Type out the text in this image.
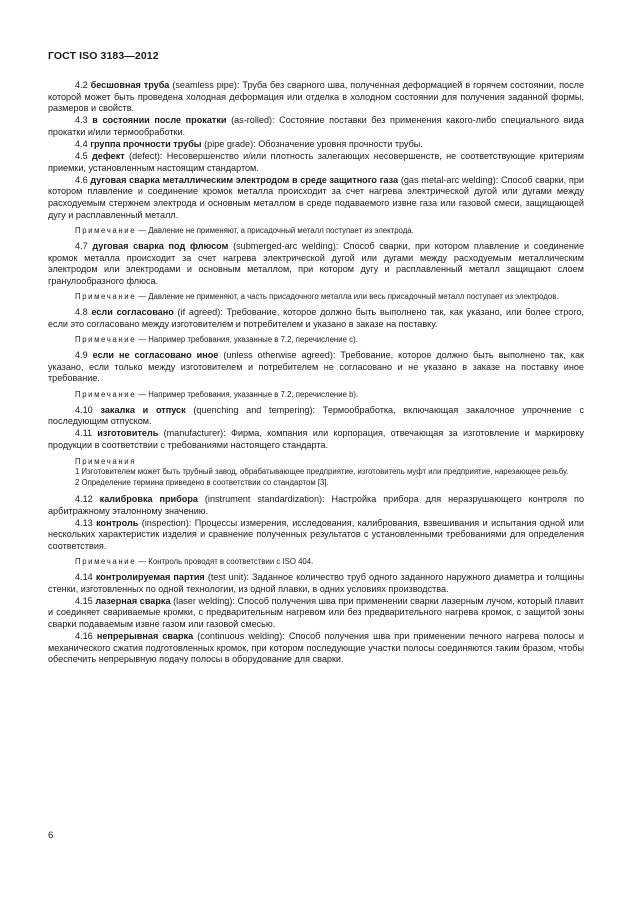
ГОСТ ISO 3183—2012

4.2 бесшовная труба (seamless pipe): Труба без сварного шва, полученная деформацией в горячем состоянии, после которой может быть проведена холодная деформация или отделка в холодном состоянии для получения заданной формы, размеров и свойств.

4.3 в состоянии после прокатки (as-rolled): Состояние поставки без применения какого-либо специального вида прокатки и/или термообработки.

4.4 группа прочности трубы (pipe grade): Обозначение уровня прочности трубы.

4.5 дефект (defect): Несовершенство и/или плотность залегающих несовершенств, не соответствующие критериям приемки, установленным настоящим стандартом.

4.6 дуговая сварка металлическим электродом в среде защитного газа (gas metal-arc welding): Способ сварки, при котором плавление и соединение кромок металла происходит за счет нагрева электрической дугой или дугами между расходуемым стержнем электрода и основным металлом в среде подаваемого извне газа или газовой смеси, защищающей дугу и расплавленный металл.

Примечание — Давление не применяют, а присадочный металл поступает из электрода.

4.7 дуговая сварка под флюсом (submerged-arc welding): Способ сварки, при котором плавление и соединение кромок металла происходит за счет нагрева электрической дугой или дугами между расходуемым металлическим электродом или электродами и основным металлом, при котором дугу и расплавленный металл защищают слоем гранулообразного флюса.

Примечание — Давление не применяют, а часть присадочного металла или весь присадочный металл поступает из электродов.

4.8 если согласовано (if agreed): Требование, которое должно быть выполнено так, как указано, или более строго, если это согласовано между изготовителем и потребителем и указано в заказе на поставку.

Примечание — Например требования, указанные в 7.2, перечисление c).

4.9 если не согласовано иное (unless otherwise agreed): Требование, которое должно быть выполнено так, как указано, если только между изготовителем и потребителем не согласовано и не указано в заказе на поставку иное требование.

Примечание — Например требования, указанные в 7.2, перечисление b).

4.10 закалка и отпуск (quenching and tempering): Термообработка, включающая закалочное упрочнение с последующим отпуском.

4.11 изготовитель (manufacturer): Фирма, компания или корпорация, отвечающая за изготовление и маркировку продукции в соответствии с требованиями настоящего стандарта.

Примечания

1 Изготовителем может быть трубный завод, обрабатывающее предприятие, изготовитель муфт или предприятие, нарезающее резьбу.

2 Определение термина приведено в соответствии со стандартом [3].

4.12 калибровка прибора (instrument standardization): Настройка прибора для неразрушающего контроля по арбитражному эталонному значению.

4.13 контроль (inspection): Процессы измерения, исследования, калибрования, взвешивания и испытания одной или нескольких характеристик изделия и сравнение полученных результатов с установленными требованиями для определения соответствия.

Примечание — Контроль проводят в соответствии с ISO 404.

4.14 контролируемая партия (test unit): Заданное количество труб одного заданного наружного диаметра и толщины стенки, изготовленных по одной технологии, из одной плавки, в одних условиях производства.

4.15 лазерная сварка (laser welding): Способ получения шва при применении сварки лазерным лучом, который плавит и соединяет свариваемые кромки, с предварительным нагревом или без предварительного нагрева кромок, с защитой зоны сварки подаваемым извне газом или газовой смесью.

4.16 непрерывная сварка (continuous welding): Способ получения шва при применении печного нагрева полосы и механического сжатия подготовленных кромок, при котором последующие участки полосы соединяются таким бразом, чтобы обеспечить непрерывную подачу полосы в оборудование для сварки.

6
